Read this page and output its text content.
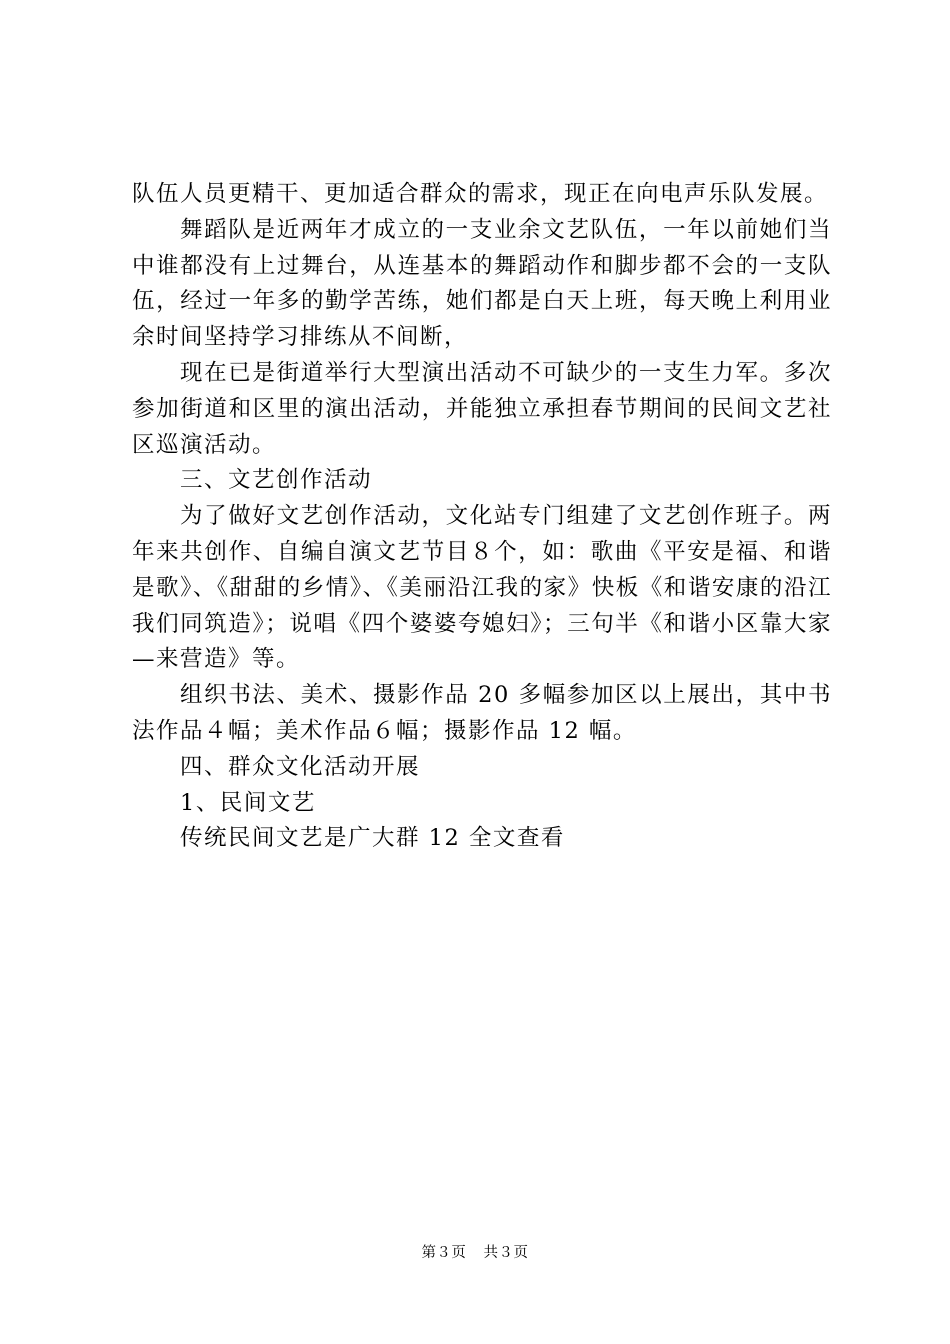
队伍人员更精干、更加适合群众的需求，现正在向电声乐队发展。

舞蹈队是近两年才成立的一支业余文艺队伍，一年以前她们当中谁都没有上过舞台，从连基本的舞蹈动作和脚步都不会的一支队伍，经过一年多的勤学苦练，她们都是白天上班，每天晚上利用业余时间坚持学习排练从不间断，

现在已是街道举行大型演出活动不可缺少的一支生力军。多次参加街道和区里的演出活动，并能独立承担春节期间的民间文艺社区巡演活动。

三、文艺创作活动

为了做好文艺创作活动，文化站专门组建了文艺创作班子。两年来共创作、自编自演文艺节目８个，如：歌曲《平安是福、和谐是歌》、《甜甜的乡情》、《美丽沿江我的家》快板《和谐安康的沿江我们同筑造》；说唱《四个婆婆夸媳妇》；三句半《和谐小区靠大家—来营造》等。

组织书法、美术、摄影作品 20 多幅参加区以上展出，其中书法作品４幅；美术作品６幅；摄影作品 12 幅。

四、群众文化活动开展

1、民间文艺

传统民间文艺是广大群 12 全文查看

第３页 共３页
